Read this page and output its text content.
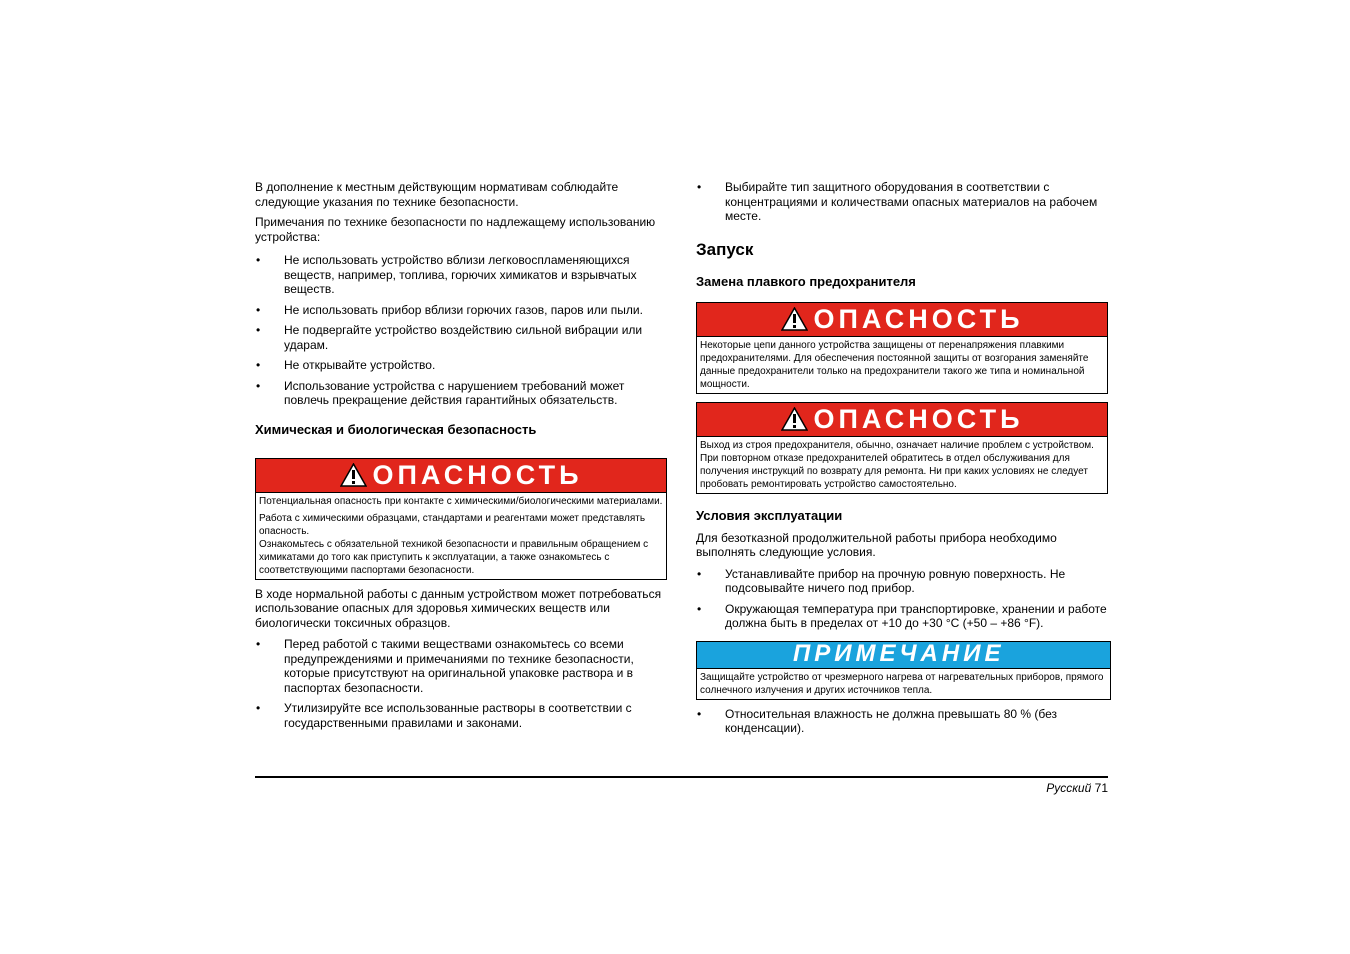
В дополнение к местным действующим нормативам соблюдайте следующие указания по технике безопасности.

Примечания по технике безопасности по надлежащему использованию устройства:

• Не использовать устройство вблизи легковоспламеняющихся веществ, например, топлива, горючих химикатов и взрывчатых веществ.
• Не использовать прибор вблизи горючих газов, паров или пыли.
• Не подвергайте устройство воздействию сильной вибрации или ударам.
• Не открывайте устройство.
• Использование устройства с нарушением требований может повлечь прекращение действия гарантийных обязательств.
Химическая и биологическая безопасность
ОПАСНОСТЬ

Потенциальная опасность при контакте с химическими/биологическими материалами.

Работа с химическими образцами, стандартами и реагентами может представлять опасность.

Ознакомьтесь с обязательной техникой безопасности и правильным обращением с химикатами до того как приступить к эксплуатации, а также ознакомьтесь с соответствующими паспортами безопасности.

В ходе нормальной работы с данным устройством может потребоваться использование опасных для здоровья химических веществ или биологически токсичных образцов.

• Перед работой с такими веществами ознакомьтесь со всеми предупреждениями и примечаниями по технике безопасности, которые присутствуют на оригинальной упаковке раствора и в паспортах безопасности.
• Утилизируйте все использованные растворы в соответствии с государственными правилами и законами.
• Выбирайте тип защитного оборудования в соответствии с концентрациями и количествами опасных материалов на рабочем месте.
Запуск
Замена плавкого предохранителя
ОПАСНОСТЬ

Некоторые цепи данного устройства защищены от перенапряжения плавкими предохранителями. Для обеспечения постоянной защиты от возгорания заменяйте данные предохранители только на предохранители такого же типа и номинальной мощности.

ОПАСНОСТЬ

Выход из строя предохранителя, обычно, означает наличие проблем с устройством. При повторном отказе предохранителей обратитесь в отдел обслуживания для получения инструкций по возврату для ремонта. Ни при каких условиях не следует пробовать ремонтировать устройство самостоятельно.

Условия эксплуатации

Для безотказной продолжительной работы прибора необходимо выполнять следующие условия.

• Устанавливайте прибор на прочную ровную поверхность. Не подсовывайте ничего под прибор.
• Окружающая температура при транспортировке, хранении и работе должна быть в пределах от +10 до +30 °C (+50 – +86 °F).
ПРИМЕЧАНИЕ

Защищайте устройство от чрезмерного нагрева от нагревательных приборов, прямого солнечного излучения и других источников тепла.

• Относительная влажность не должна превышать 80 % (без конденсации).
Русский 71
